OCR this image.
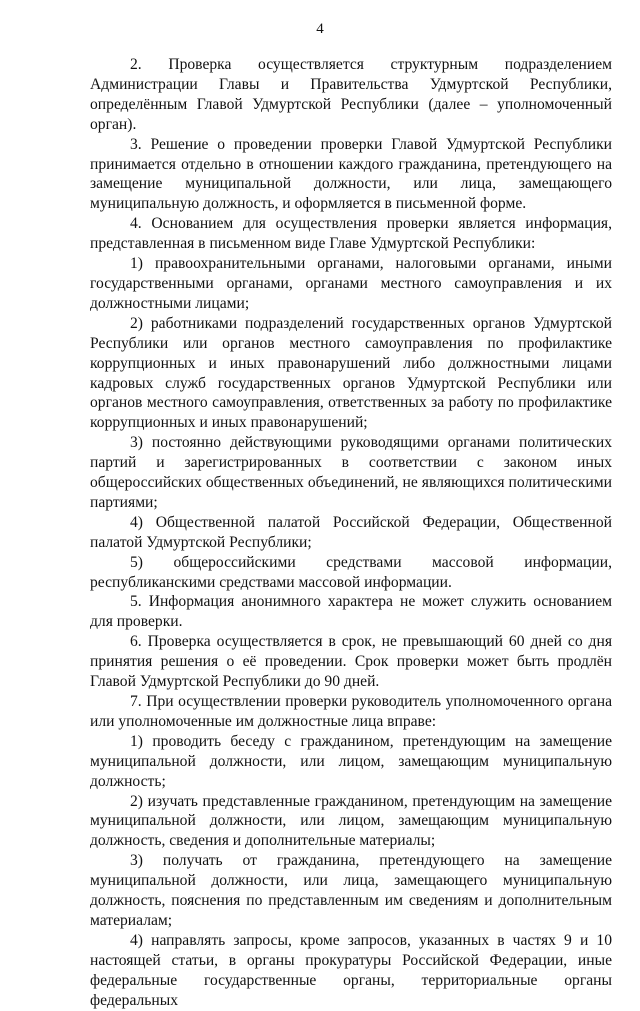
4

2. Проверка осуществляется структурным подразделением Администрации Главы и Правительства Удмуртской Республики, определённым Главой Удмуртской Республики (далее – уполномоченный орган).

3. Решение о проведении проверки Главой Удмуртской Республики принимается отдельно в отношении каждого гражданина, претендующего на замещение муниципальной должности, или лица, замещающего муниципальную должность, и оформляется в письменной форме.

4. Основанием для осуществления проверки является информация, представленная в письменном виде Главе Удмуртской Республики:

1) правоохранительными органами, налоговыми органами, иными государственными органами, органами местного самоуправления и их должностными лицами;

2) работниками подразделений государственных органов Удмуртской Республики или органов местного самоуправления по профилактике коррупционных и иных правонарушений либо должностными лицами кадровых служб государственных органов Удмуртской Республики или органов местного самоуправления, ответственных за работу по профилактике коррупционных и иных правонарушений;

3) постоянно действующими руководящими органами политических партий и зарегистрированных в соответствии с законом иных общероссийских общественных объединений, не являющихся политическими партиями;

4) Общественной палатой Российской Федерации, Общественной палатой Удмуртской Республики;

5) общероссийскими средствами массовой информации, республиканскими средствами массовой информации.

5. Информация анонимного характера не может служить основанием для проверки.

6. Проверка осуществляется в срок, не превышающий 60 дней со дня принятия решения о её проведении. Срок проверки может быть продлён Главой Удмуртской Республики до 90 дней.

7. При осуществлении проверки руководитель уполномоченного органа или уполномоченные им должностные лица вправе:

1) проводить беседу с гражданином, претендующим на замещение муниципальной должности, или лицом, замещающим муниципальную должность;

2) изучать представленные гражданином, претендующим на замещение муниципальной должности, или лицом, замещающим муниципальную должность, сведения и дополнительные материалы;

3) получать от гражданина, претендующего на замещение муниципальной должности, или лица, замещающего муниципальную должность, пояснения по представленным им сведениям и дополнительным материалам;

4) направлять запросы, кроме запросов, указанных в частях 9 и 10 настоящей статьи, в органы прокуратуры Российской Федерации, иные федеральные государственные органы, территориальные органы федеральных
